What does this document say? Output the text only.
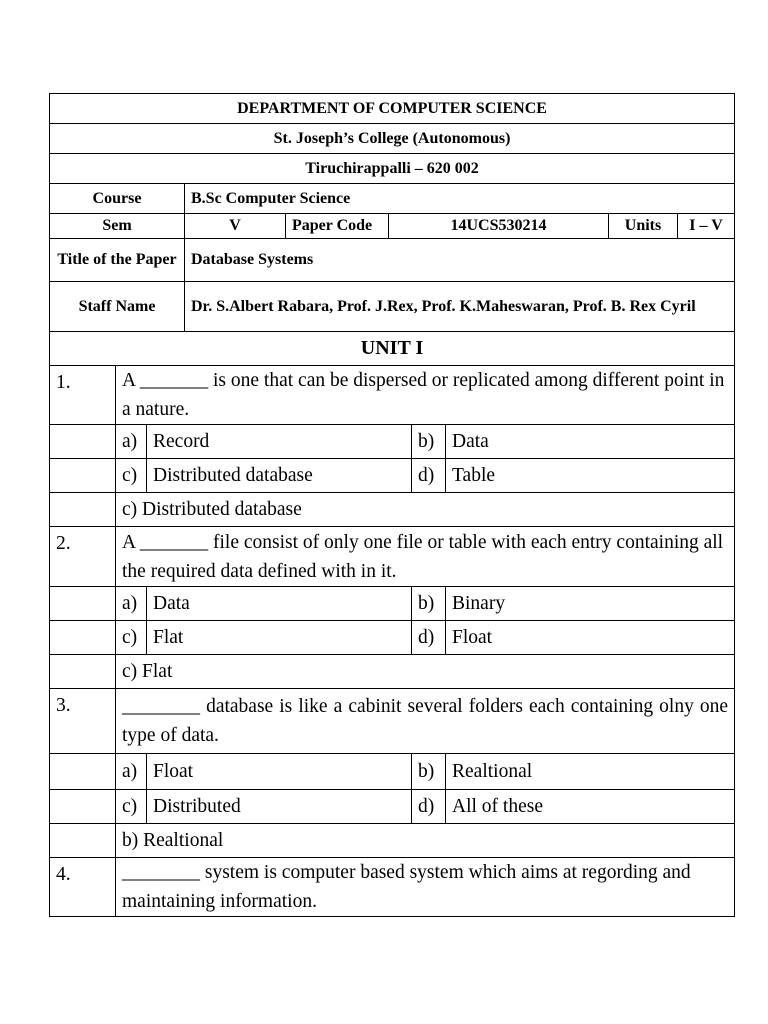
DEPARTMENT OF COMPUTER SCIENCE					
St. Joseph’s College (Autonomous)					
Tiruchirappalli – 620 002					
Course	B.Sc Computer Science				
Sem	V	Paper Code	14UCS530214	Units	I – V
Title of the Paper	Database Systems				
Staff Name	Dr. S.Albert Rabara, Prof. J.Rex, Prof. K.Maheswaran, Prof. B. Rex Cyril				
UNIT I				
1.	A _______ is one that can be dispersed or replicated among different point in a nature.			
	a)	Record	b)	Data
	c)	Distributed database	d)	Table
	c) Distributed database			
2.	A _______ file consist of only one file or table with each entry containing all the required data defined with in it.			
	a)	Data	b)	Binary
	c)	Flat	d)	Float
	c) Flat			
3.	________ database is like a cabinit several folders each containing olny one type of data.			
	a)	Float	b)	Realtional
	c)	Distributed	d)	All of these
	b) Realtional			
4.	________ system is computer based system which aims at regording and maintaining information.			
